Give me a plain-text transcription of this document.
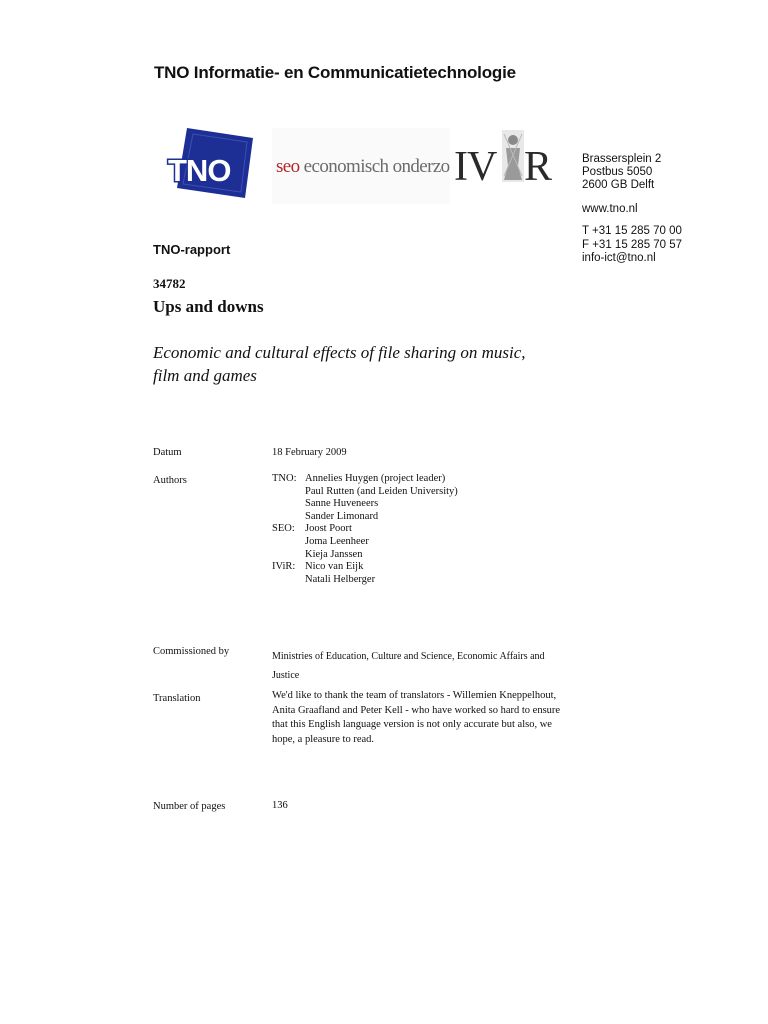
TNO Informatie- en Communicatietechnologie
TNO seo economisch onderzoek
IV R	Brassersplein 2
Postbus 5050
2600 GB Delft
www.tno.nl
T +31 15 285 70 00
F +31 15 285 70 57
info-ict@tno.nl
TNO-rapport
34782
Ups and downs
Economic and cultural effects of file sharing on music, film and games
Datum	18 February 2009
Authors	TNO: Annelies Huygen (project leader)
Paul Rutten (and Leiden University)
Sanne Huveneers
Sander Limonard
SEO: Joost Poort
Joma Leenheer
Kieja Janssen
IViR: Nico van Eijk
Natali Helberger
Commissioned by	Ministries of Education, Culture and Science, Economic Affairs and Justice
Translation	We'd like to thank the team of translators - Willemien Kneppelhout, Anita Graafland and Peter Kell - who have worked so hard to ensure that this English language version is not only accurate but also, we hope, a pleasure to read.
Number of pages	136
